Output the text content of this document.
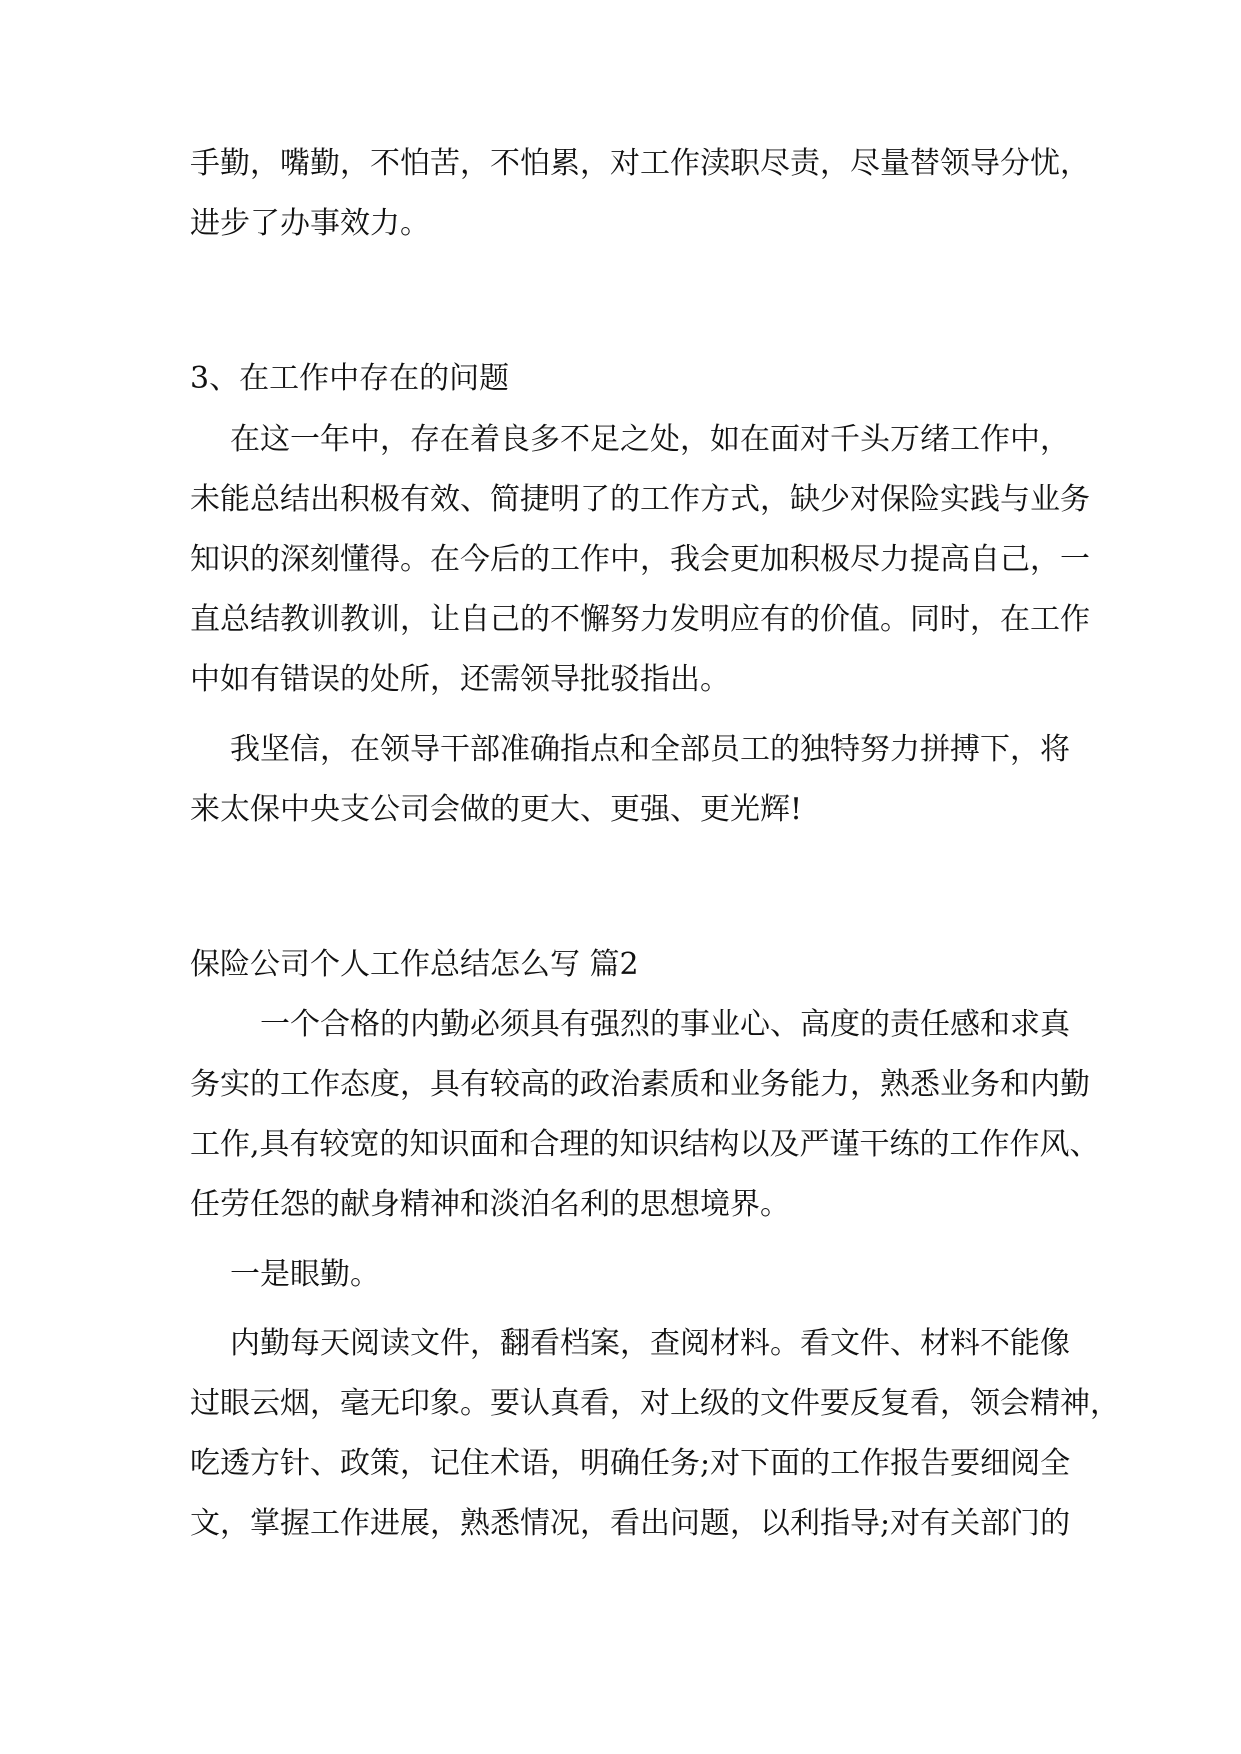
手勤，嘴勤，不怕苦，不怕累，对工作渎职尽责，尽量替领导分忧，

进步了办事效力。

3、在工作中存在的问题

在这一年中，存在着良多不足之处，如在面对千头万绪工作中，

未能总结出积极有效、简捷明了的工作方式，缺少对保险实践与业务

知识的深刻懂得。在今后的工作中，我会更加积极尽力提高自己，一

直总结教训教训，让自己的不懈努力发明应有的价值。同时，在工作

中如有错误的处所，还需领导批驳指出。

我坚信，在领导干部准确指点和全部员工的独特努力拼搏下，将

来太保中央支公司会做的更大、更强、更光辉!

保险公司个人工作总结怎么写 篇2

一个合格的内勤必须具有强烈的事业心、高度的责任感和求真

务实的工作态度，具有较高的政治素质和业务能力，熟悉业务和内勤

工作,具有较宽的知识面和合理的知识结构以及严谨干练的工作作风、

任劳任怨的献身精神和淡泊名利的思想境界。

一是眼勤。

内勤每天阅读文件，翻看档案，查阅材料。看文件、材料不能像

过眼云烟，毫无印象。要认真看，对上级的文件要反复看，领会精神，

吃透方针、政策，记住术语，明确任务;对下面的工作报告要细阅全

文，掌握工作进展，熟悉情况，看出问题，以利指导;对有关部门的
